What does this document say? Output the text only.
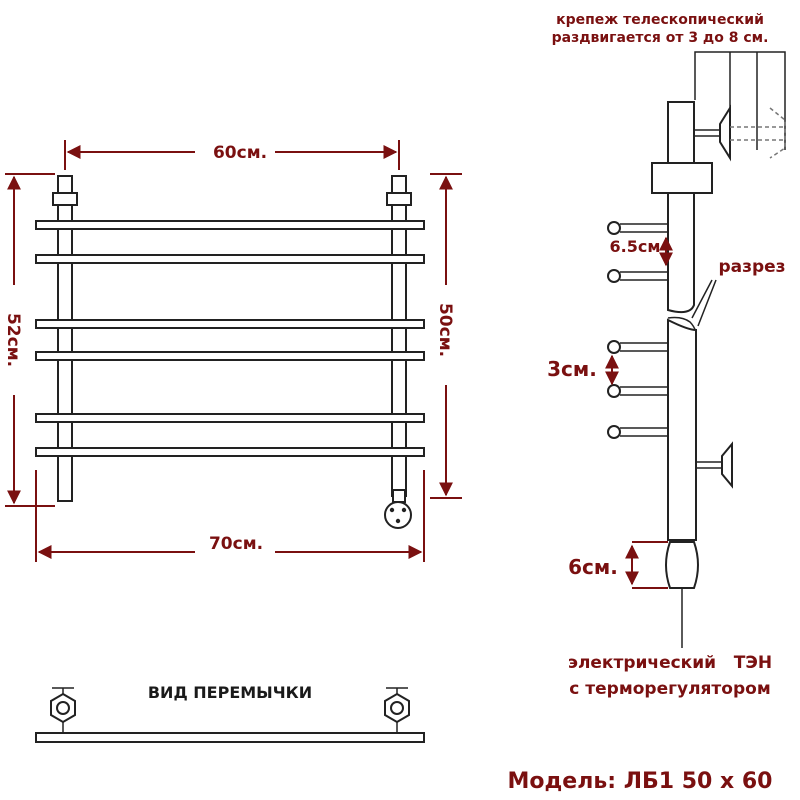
60см.
70см.
52см.	50см.
крепеж телескопический
раздвигается от 3 до 8 см.
6.5см
разрез
3см.
6см.
электрический   ТЭН
с терморегулятором
ВИД ПЕРЕМЫЧКИ
Модель: ЛБ1 50 х 60
